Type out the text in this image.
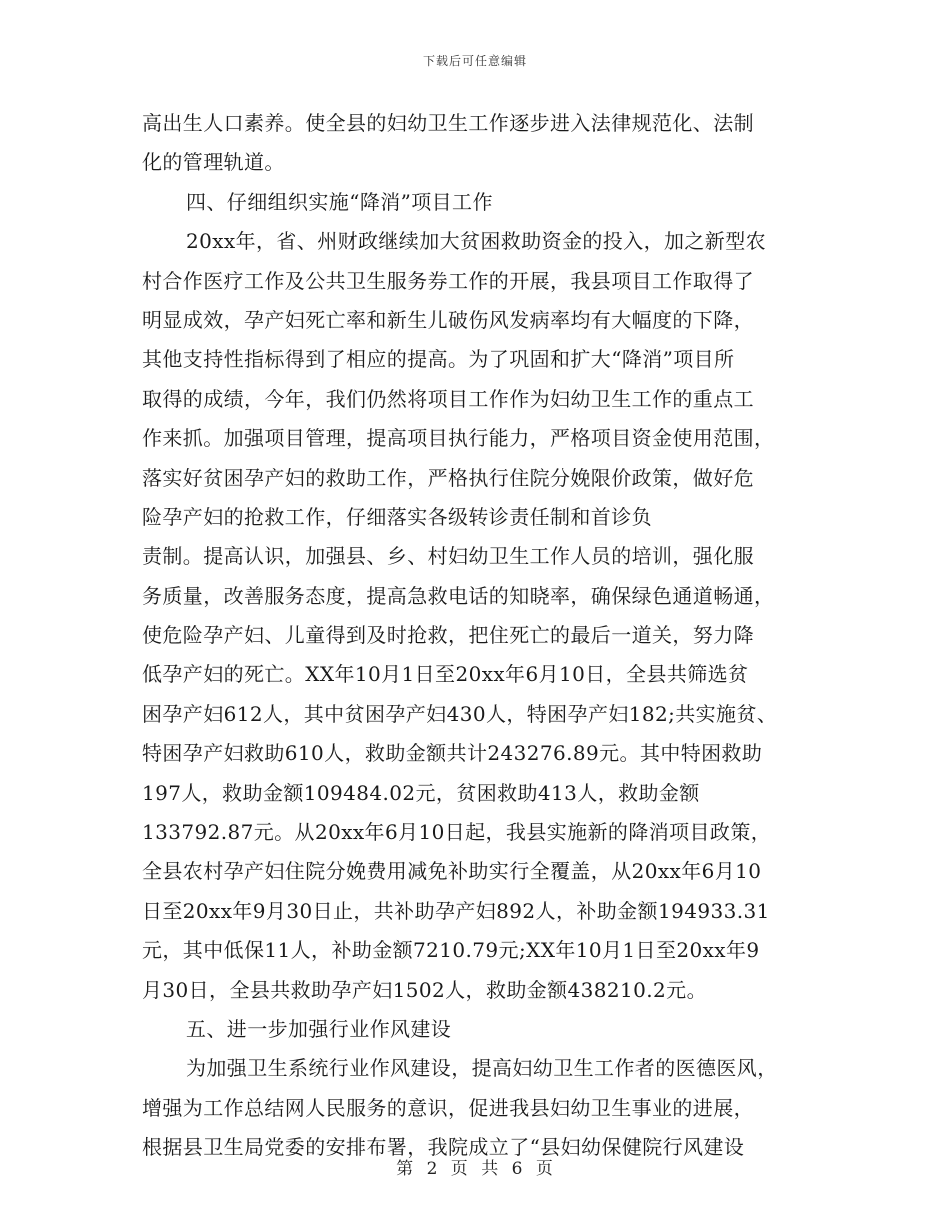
下载后可任意编辑
高出生人口素养。使全县的妇幼卫生工作逐步进入法律规范化、法制
化的管理轨道。
四、仔细组织实施“降消”项目工作
20xx年，省、州财政继续加大贫困救助资金的投入，加之新型农
村合作医疗工作及公共卫生服务券工作的开展，我县项目工作取得了
明显成效，孕产妇死亡率和新生儿破伤风发病率均有大幅度的下降，
其他支持性指标得到了相应的提高。为了巩固和扩大“降消”项目所
取得的成绩，今年，我们仍然将项目工作作为妇幼卫生工作的重点工
作来抓。加强项目管理，提高项目执行能力，严格项目资金使用范围，
落实好贫困孕产妇的救助工作，严格执行住院分娩限价政策，做好危
险孕产妇的抢救工作，仔细落实各级转诊责任制和首诊负
责制。提高认识，加强县、乡、村妇幼卫生工作人员的培训，强化服
务质量，改善服务态度，提高急救电话的知晓率，确保绿色通道畅通，
使危险孕产妇、儿童得到及时抢救，把住死亡的最后一道关，努力降
低孕产妇的死亡。XX年10月1日至20xx年6月10日，全县共筛选贫
困孕产妇612人，其中贫困孕产妇430人，特困孕产妇182;共实施贫、
特困孕产妇救助610人，救助金额共计243276.89元。其中特困救助
197人，救助金额109484.02元，贫困救助413人，救助金额
133792.87元。从20xx年6月10日起，我县实施新的降消项目政策，
全县农村孕产妇住院分娩费用减免补助实行全覆盖，从20xx年6月10
日至20xx年9月30日止，共补助孕产妇892人，补助金额194933.31
元，其中低保11人，补助金额7210.79元;XX年10月1日至20xx年9
月30日，全县共救助孕产妇1502人，救助金额438210.2元。
五、进一步加强行业作风建设
为加强卫生系统行业作风建设，提高妇幼卫生工作者的医德医风，
增强为工作总结网人民服务的意识，促进我县妇幼卫生事业的进展，
根据县卫生局党委的安排布署，我院成立了“县妇幼保健院行风建设
第 2 页 共 6 页
